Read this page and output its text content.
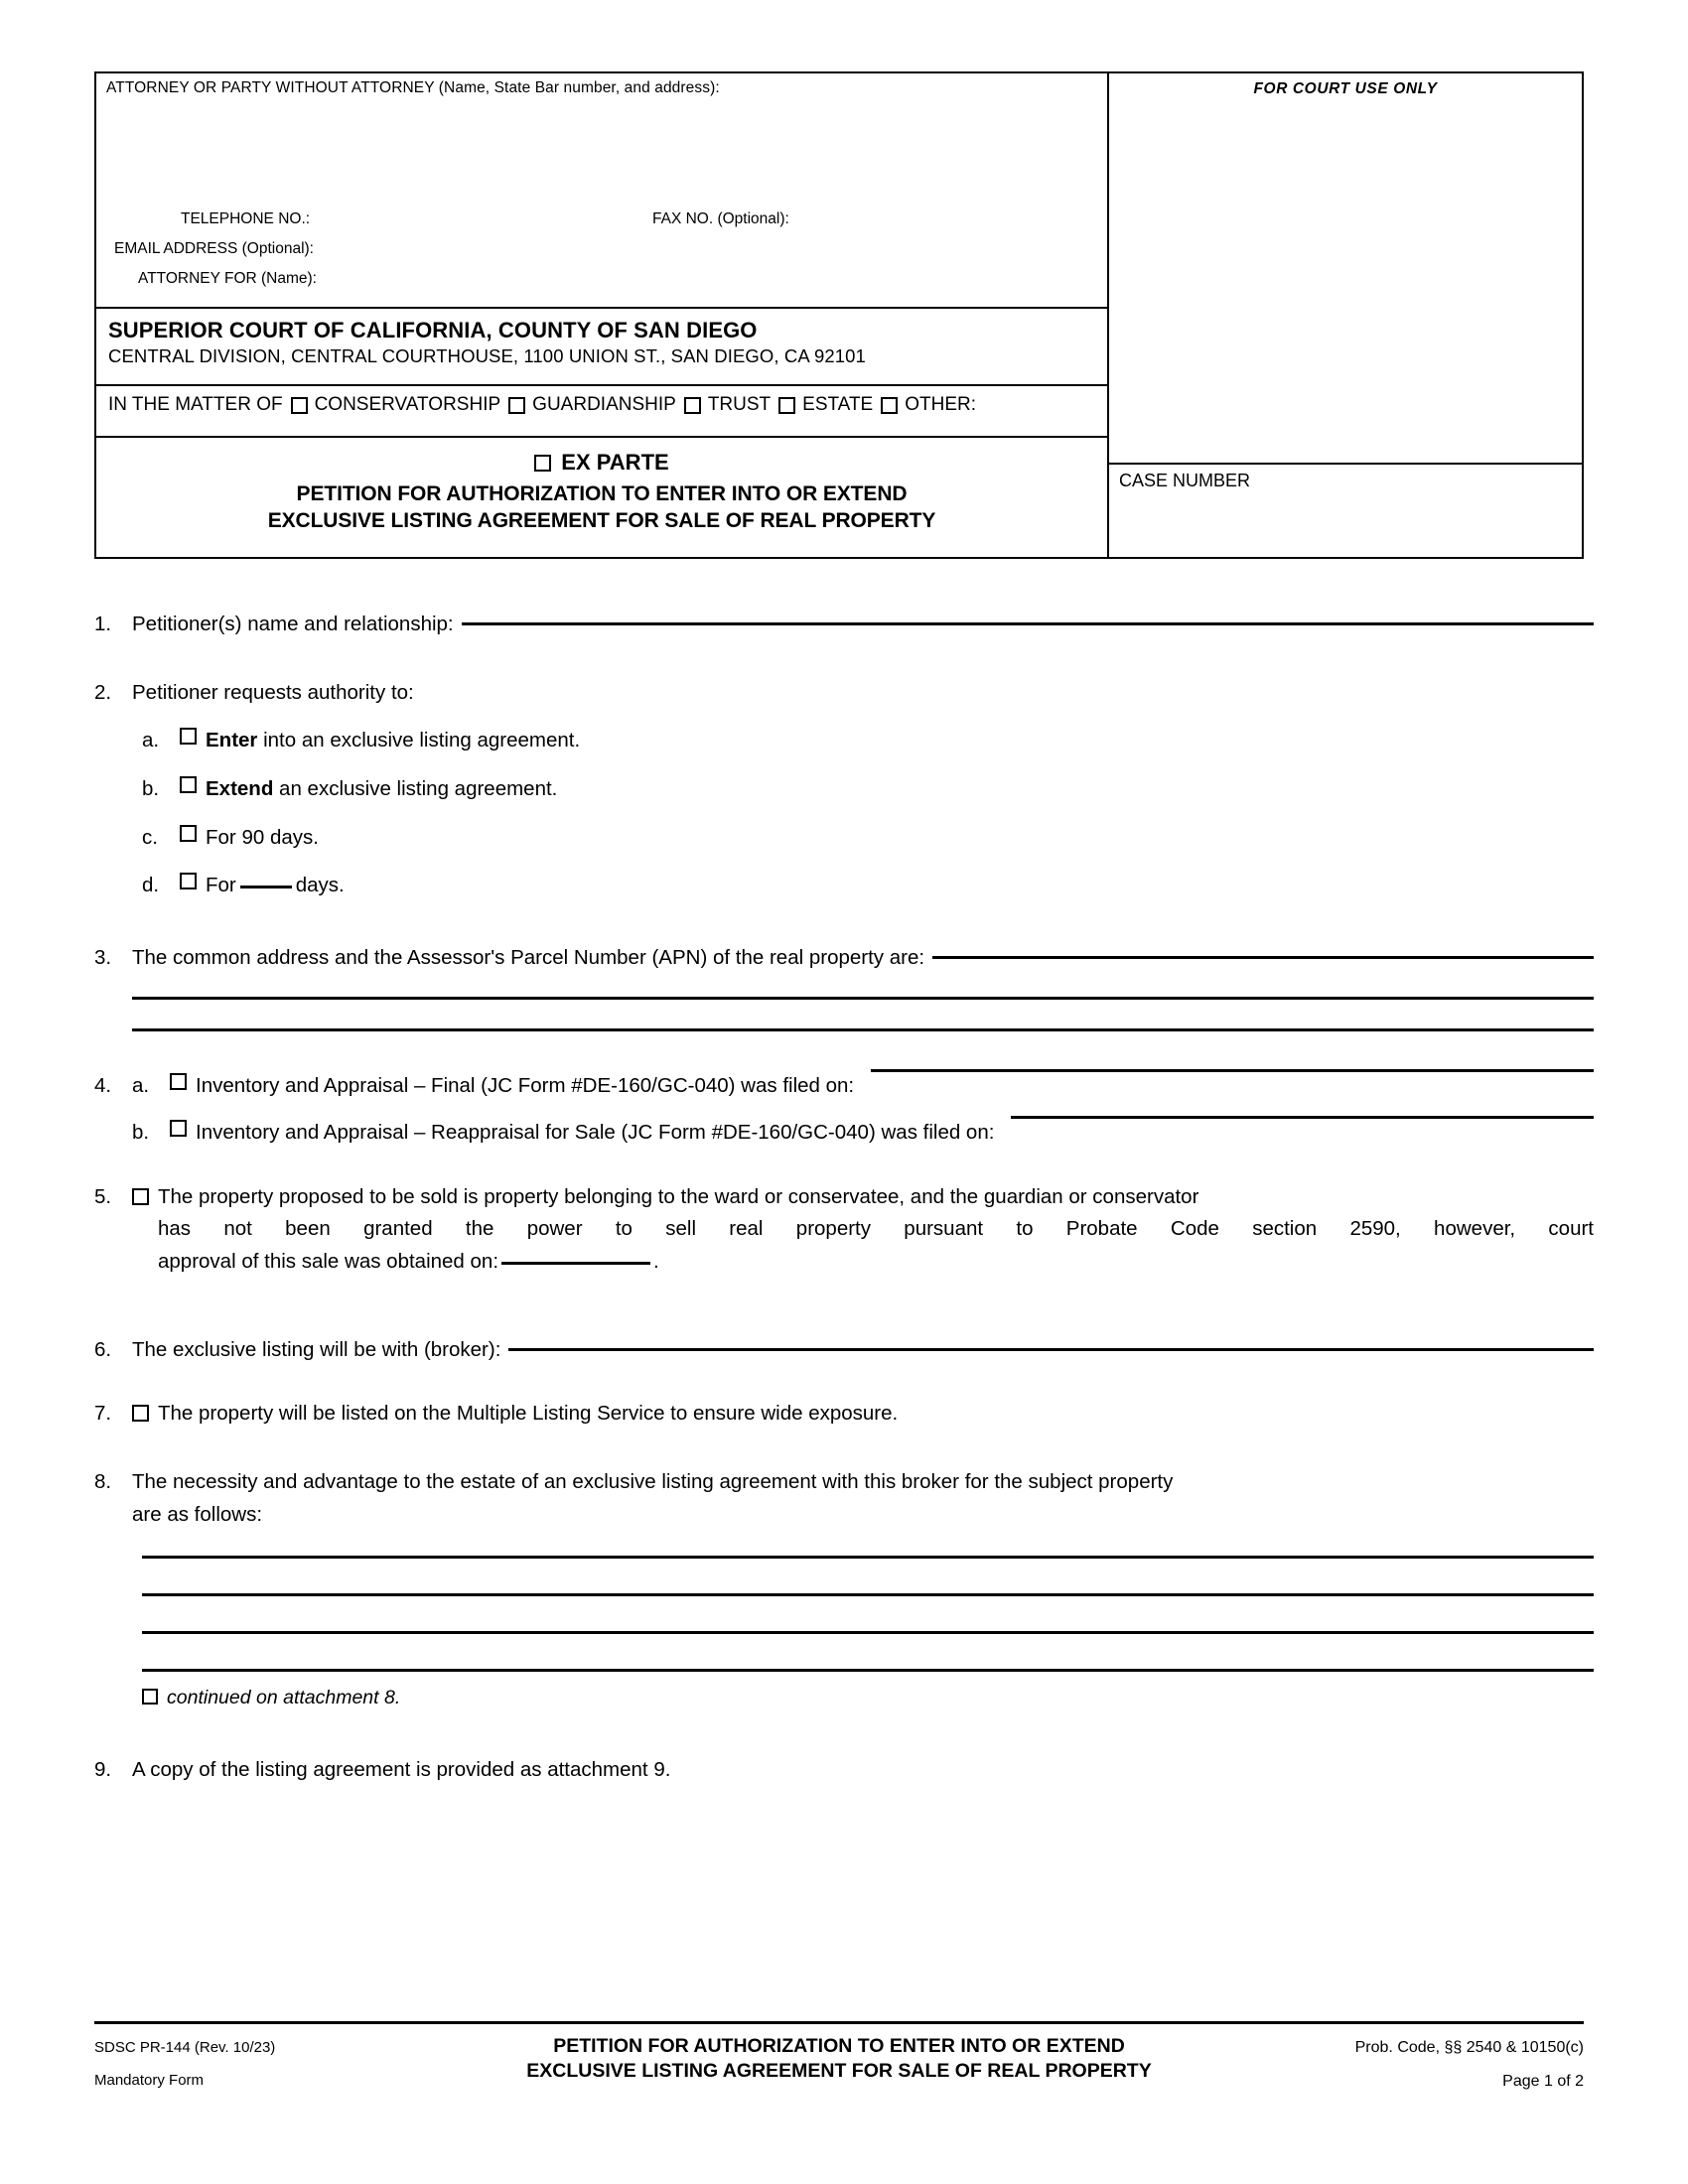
ATTORNEY OR PARTY WITHOUT ATTORNEY (Name, State Bar number, and address):
TELEPHONE NO.:	FAX NO. (Optional):
EMAIL ADDRESS (Optional):
ATTORNEY FOR (Name):
SUPERIOR COURT OF CALIFORNIA, COUNTY OF SAN DIEGO
CENTRAL DIVISION, CENTRAL COURTHOUSE, 1100 UNION ST., SAN DIEGO, CA 92101
IN THE MATTER OF CONSERVATORSHIP GUARDIANSHIP TRUST ESTATE OTHER:
EX PARTE
PETITION FOR AUTHORIZATION TO ENTER INTO OR EXTEND
EXCLUSIVE LISTING AGREEMENT FOR SALE OF REAL PROPERTY
FOR COURT USE ONLY
CASE NUMBER
1.	Petitioner(s) name and relationship:
2.	Petitioner requests authority to:
a.	Enter into an exclusive listing agreement.
b.	Extend an exclusive listing agreement.
c.	For 90 days.
d.	For	days.
3.	The common address and the Assessor's Parcel Number (APN) of the real property are:
4.	a.	Inventory and Appraisal – Final (JC Form #DE-160/GC-040) was filed on:
b.	Inventory and Appraisal – Reappraisal for Sale (JC Form #DE-160/GC-040) was filed on:
5.	The property proposed to be sold is property belonging to the ward or conservatee, and the guardian or conservator
has not been granted the power to sell real property pursuant to Probate Code section 2590, however, court
approval of this sale was obtained on:	.
6.	The exclusive listing will be with (broker):
7.	The property will be listed on the Multiple Listing Service to ensure wide exposure.
8.	The necessity and advantage to the estate of an exclusive listing agreement with this broker for the subject property
are as follows:
continued on attachment 8.
9.	A copy of the listing agreement is provided as attachment 9.
SDSC PR-144 (Rev. 10/23)
Mandatory Form
PETITION FOR AUTHORIZATION TO ENTER INTO OR EXTEND
EXCLUSIVE LISTING AGREEMENT FOR SALE OF REAL PROPERTY
Prob. Code, §§ 2540 & 10150(c)
Page 1 of 2
